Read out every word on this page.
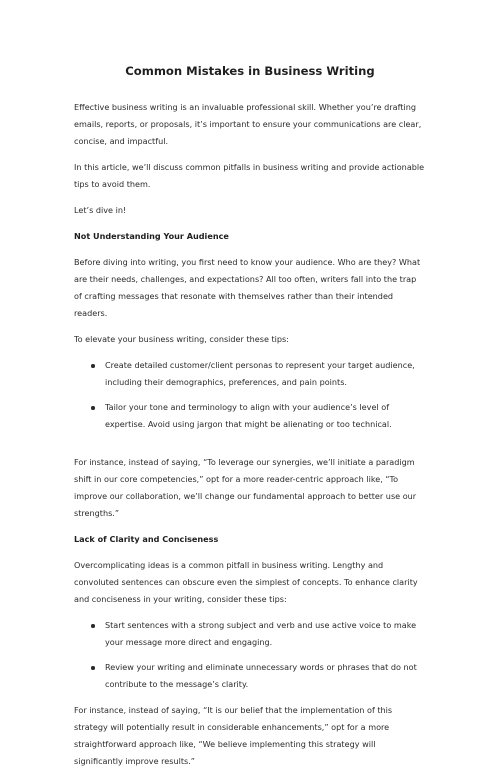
Common Mistakes in Business Writing

Effective business writing is an invaluable professional skill. Whether you’re drafting emails, reports, or proposals, it’s important to ensure your communications are clear, concise, and impactful.

In this article, we’ll discuss common pitfalls in business writing and provide actionable tips to avoid them.

Let’s dive in!

Not Understanding Your Audience

Before diving into writing, you first need to know your audience. Who are they? What are their needs, challenges, and expectations? All too often, writers fall into the trap of crafting messages that resonate with themselves rather than their intended readers.

To elevate your business writing, consider these tips:

Create detailed customer/client personas to represent your target audience, including their demographics, preferences, and pain points.
Tailor your tone and terminology to align with your audience’s level of expertise. Avoid using jargon that might be alienating or too technical.

For instance, instead of saying, “To leverage our synergies, we’ll initiate a paradigm shift in our core competencies,” opt for a more reader-centric approach like, “To improve our collaboration, we’ll change our fundamental approach to better use our strengths.”

Lack of Clarity and Conciseness

Overcomplicating ideas is a common pitfall in business writing. Lengthy and convoluted sentences can obscure even the simplest of concepts. To enhance clarity and conciseness in your writing, consider these tips:

Start sentences with a strong subject and verb and use active voice to make your message more direct and engaging.
Review your writing and eliminate unnecessary words or phrases that do not contribute to the message’s clarity.

For instance, instead of saying, “It is our belief that the implementation of this strategy will potentially result in considerable enhancements,” opt for a more straightforward approach like, “We believe implementing this strategy will significantly improve results.”
